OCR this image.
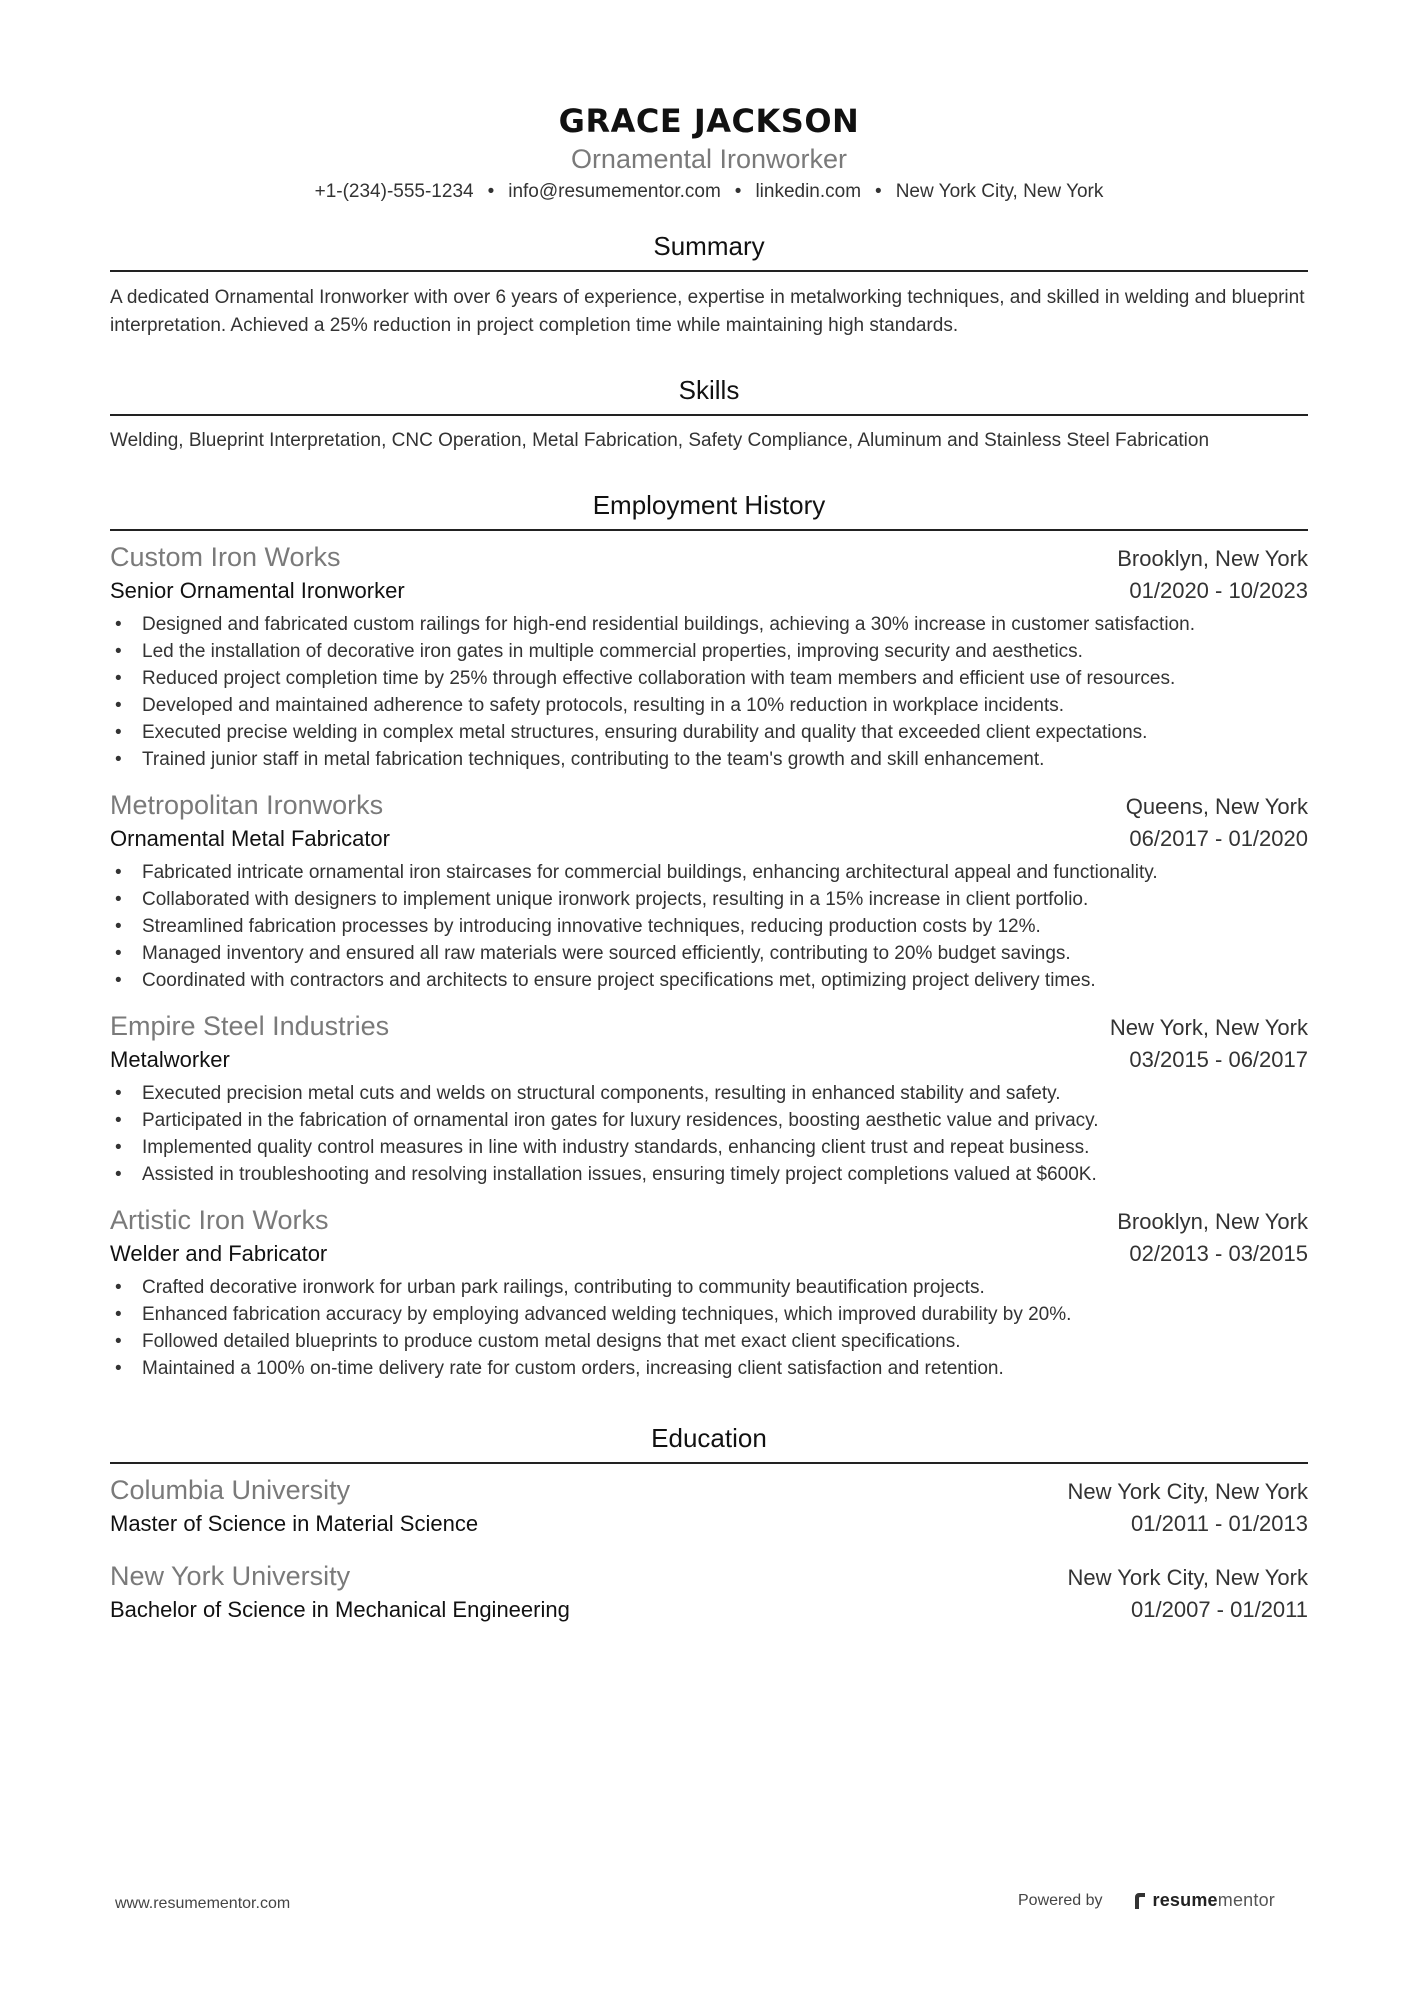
GRACE JACKSON
Ornamental Ironworker
+1-(234)-555-1234 • info@resumementor.com • linkedin.com • New York City, New York
Summary
A dedicated Ornamental Ironworker with over 6 years of experience, expertise in metalworking techniques, and skilled in welding and blueprint interpretation. Achieved a 25% reduction in project completion time while maintaining high standards.
Skills
Welding, Blueprint Interpretation, CNC Operation, Metal Fabrication, Safety Compliance, Aluminum and Stainless Steel Fabrication
Employment History
Custom Iron Works	Brooklyn, New York
Senior Ornamental Ironworker	01/2020 - 10/2023
• Designed and fabricated custom railings for high-end residential buildings, achieving a 30% increase in customer satisfaction.
• Led the installation of decorative iron gates in multiple commercial properties, improving security and aesthetics.
• Reduced project completion time by 25% through effective collaboration with team members and efficient use of resources.
• Developed and maintained adherence to safety protocols, resulting in a 10% reduction in workplace incidents.
• Executed precise welding in complex metal structures, ensuring durability and quality that exceeded client expectations.
• Trained junior staff in metal fabrication techniques, contributing to the team's growth and skill enhancement.
Metropolitan Ironworks	Queens, New York
Ornamental Metal Fabricator	06/2017 - 01/2020
• Fabricated intricate ornamental iron staircases for commercial buildings, enhancing architectural appeal and functionality.
• Collaborated with designers to implement unique ironwork projects, resulting in a 15% increase in client portfolio.
• Streamlined fabrication processes by introducing innovative techniques, reducing production costs by 12%.
• Managed inventory and ensured all raw materials were sourced efficiently, contributing to 20% budget savings.
• Coordinated with contractors and architects to ensure project specifications met, optimizing project delivery times.
Empire Steel Industries	New York, New York
Metalworker	03/2015 - 06/2017
• Executed precision metal cuts and welds on structural components, resulting in enhanced stability and safety.
• Participated in the fabrication of ornamental iron gates for luxury residences, boosting aesthetic value and privacy.
• Implemented quality control measures in line with industry standards, enhancing client trust and repeat business.
• Assisted in troubleshooting and resolving installation issues, ensuring timely project completions valued at $600K.
Artistic Iron Works	Brooklyn, New York
Welder and Fabricator	02/2013 - 03/2015
• Crafted decorative ironwork for urban park railings, contributing to community beautification projects.
• Enhanced fabrication accuracy by employing advanced welding techniques, which improved durability by 20%.
• Followed detailed blueprints to produce custom metal designs that met exact client specifications.
• Maintained a 100% on-time delivery rate for custom orders, increasing client satisfaction and retention.
Education
Columbia University	New York City, New York
Master of Science in Material Science	01/2011 - 01/2013
New York University	New York City, New York
Bachelor of Science in Mechanical Engineering	01/2007 - 01/2011
www.resumementor.com	Powered by	resumementor
